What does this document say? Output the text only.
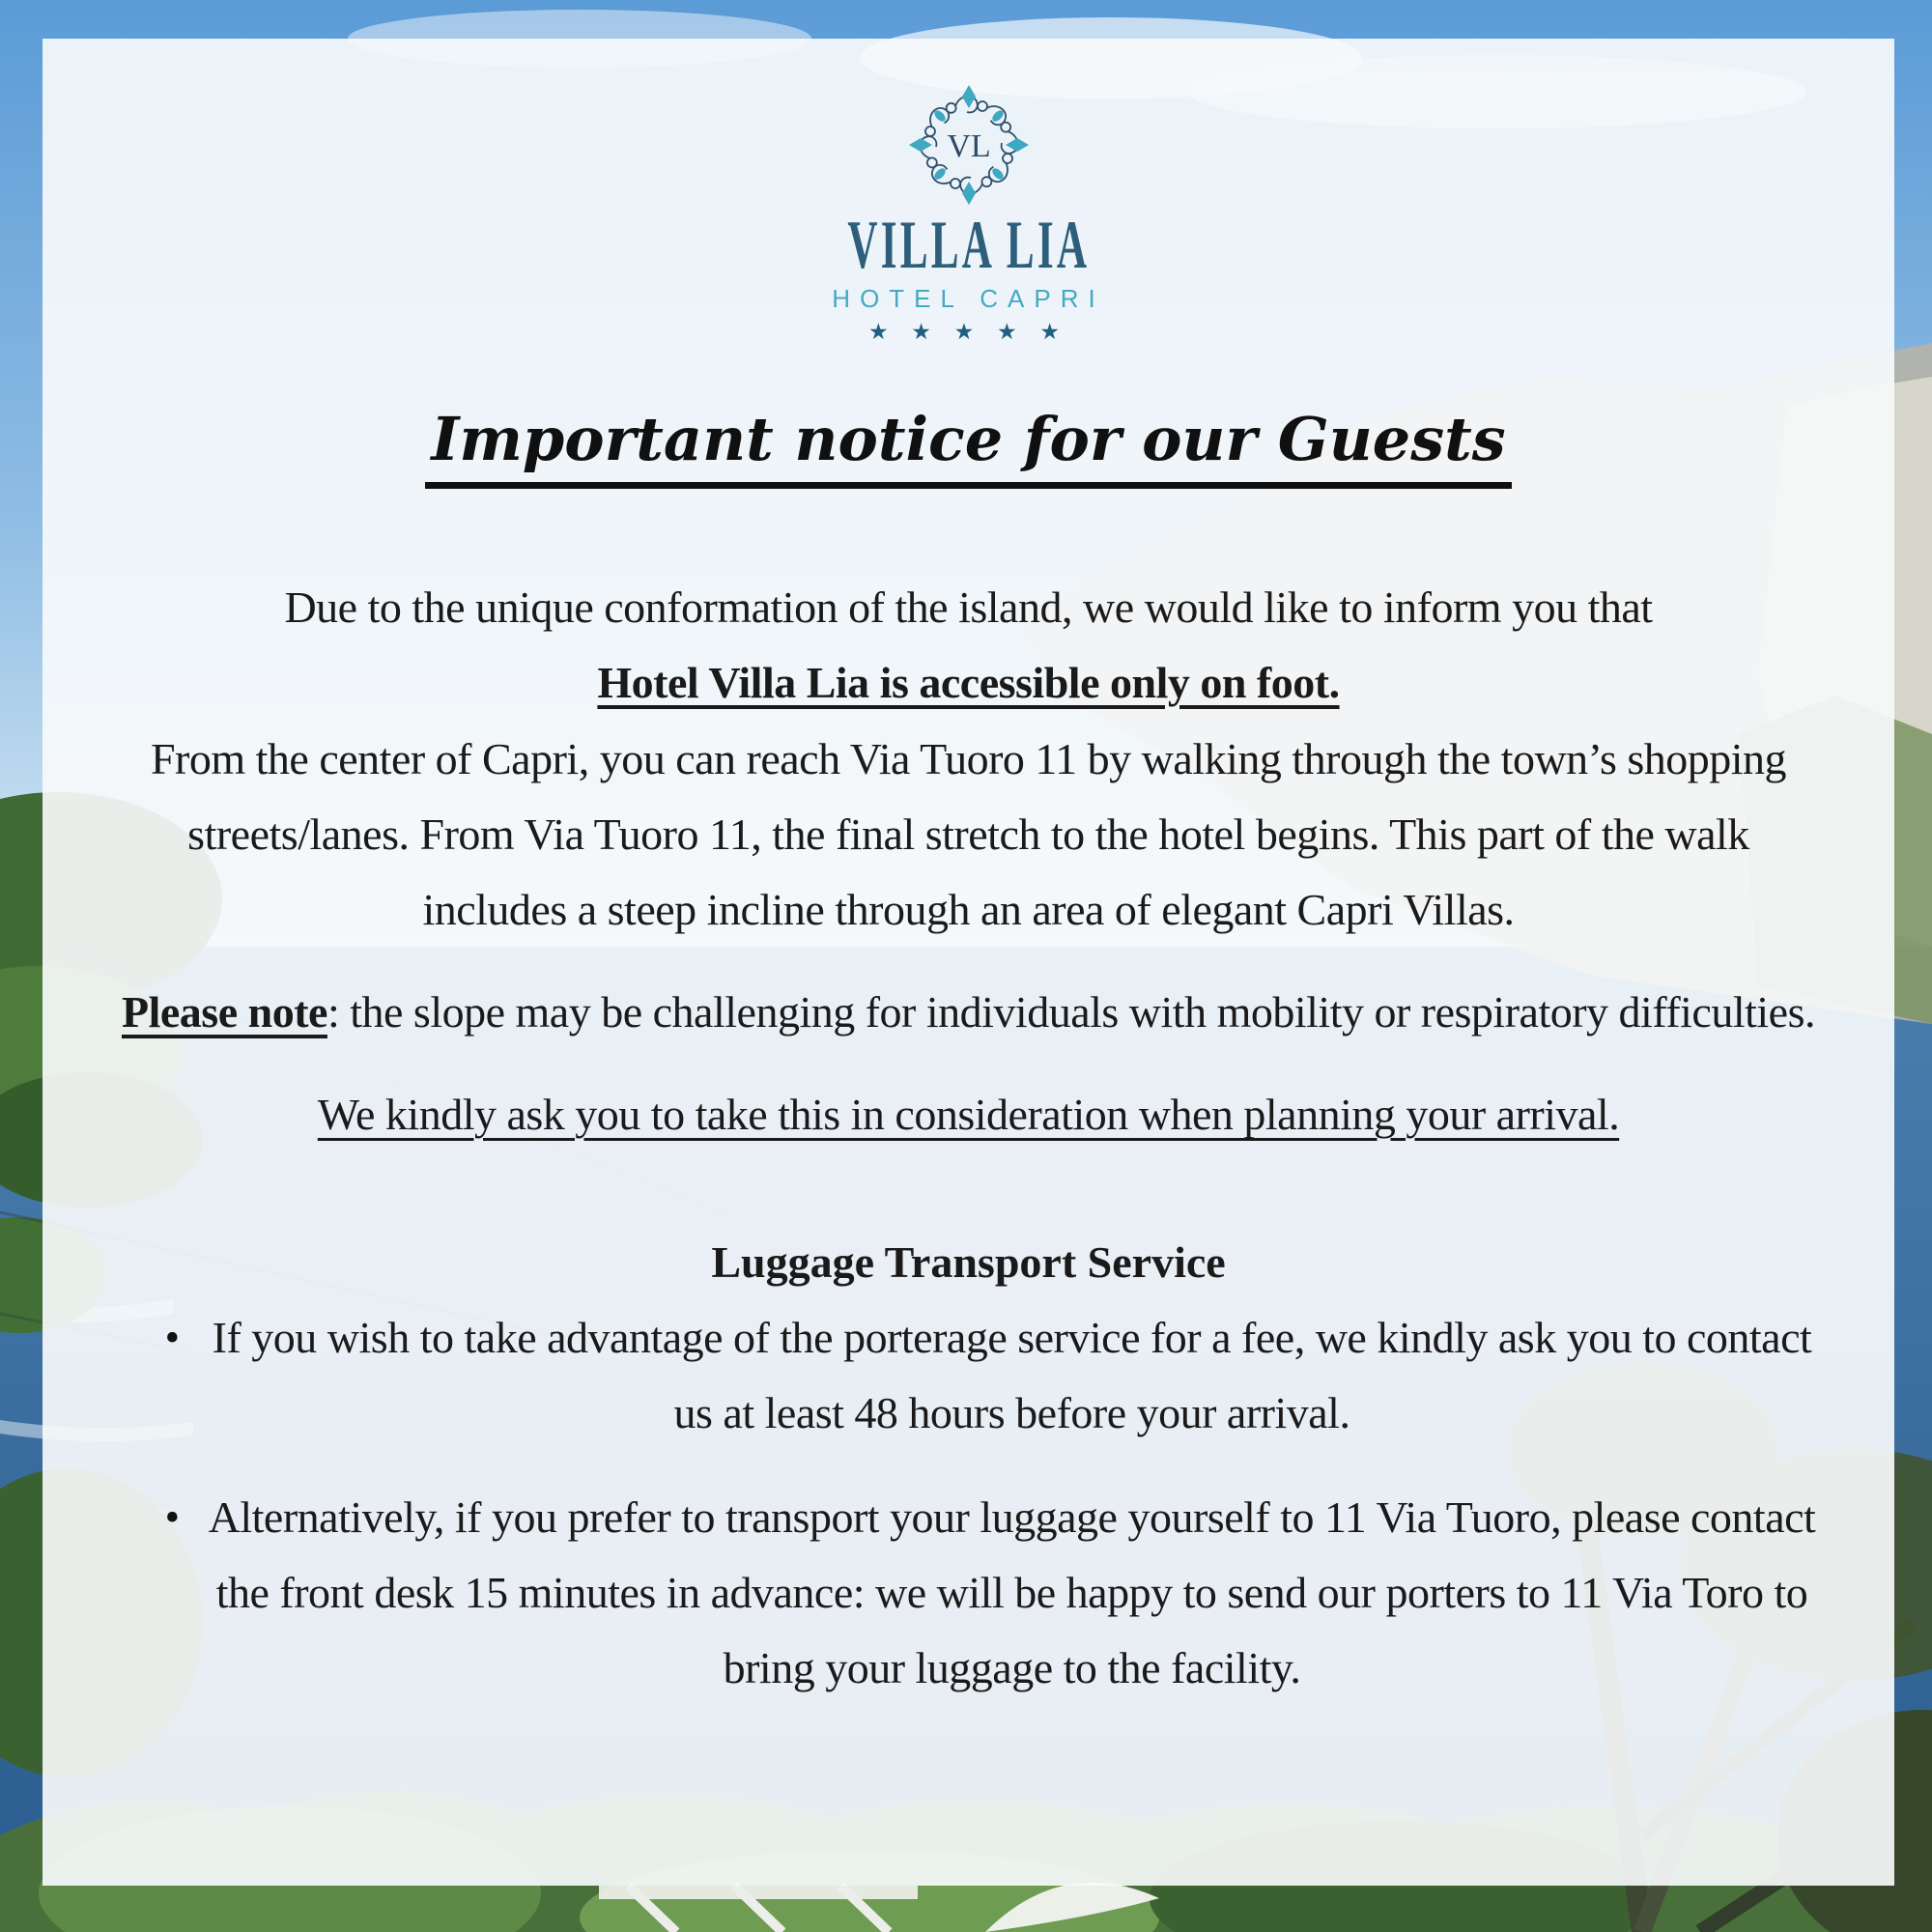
VL
VILLA LIA
HOTEL CAPRI
★ ★ ★ ★ ★
Important notice for our Guests

Due to the unique conformation of the island, we would like to inform you that
Hotel Villa Lia is accessible only on foot.
From the center of Capri, you can reach Via Tuoro 11 by walking through the town’s shopping streets/lanes. From Via Tuoro 11, the final stretch to the hotel begins. This part of the walk includes a steep incline through an area of elegant Capri Villas.

Please note: the slope may be challenging for individuals with mobility or respiratory difficulties.

We kindly ask you to take this in consideration when planning your arrival.

Luggage Transport Service
• If you wish to take advantage of the porterage service for a fee, we kindly ask you to contact us at least 48 hours before your arrival.
• Alternatively, if you prefer to transport your luggage yourself to 11 Via Tuoro, please contact the front desk 15 minutes in advance: we will be happy to send our porters to 11 Via Toro to bring your luggage to the facility.
